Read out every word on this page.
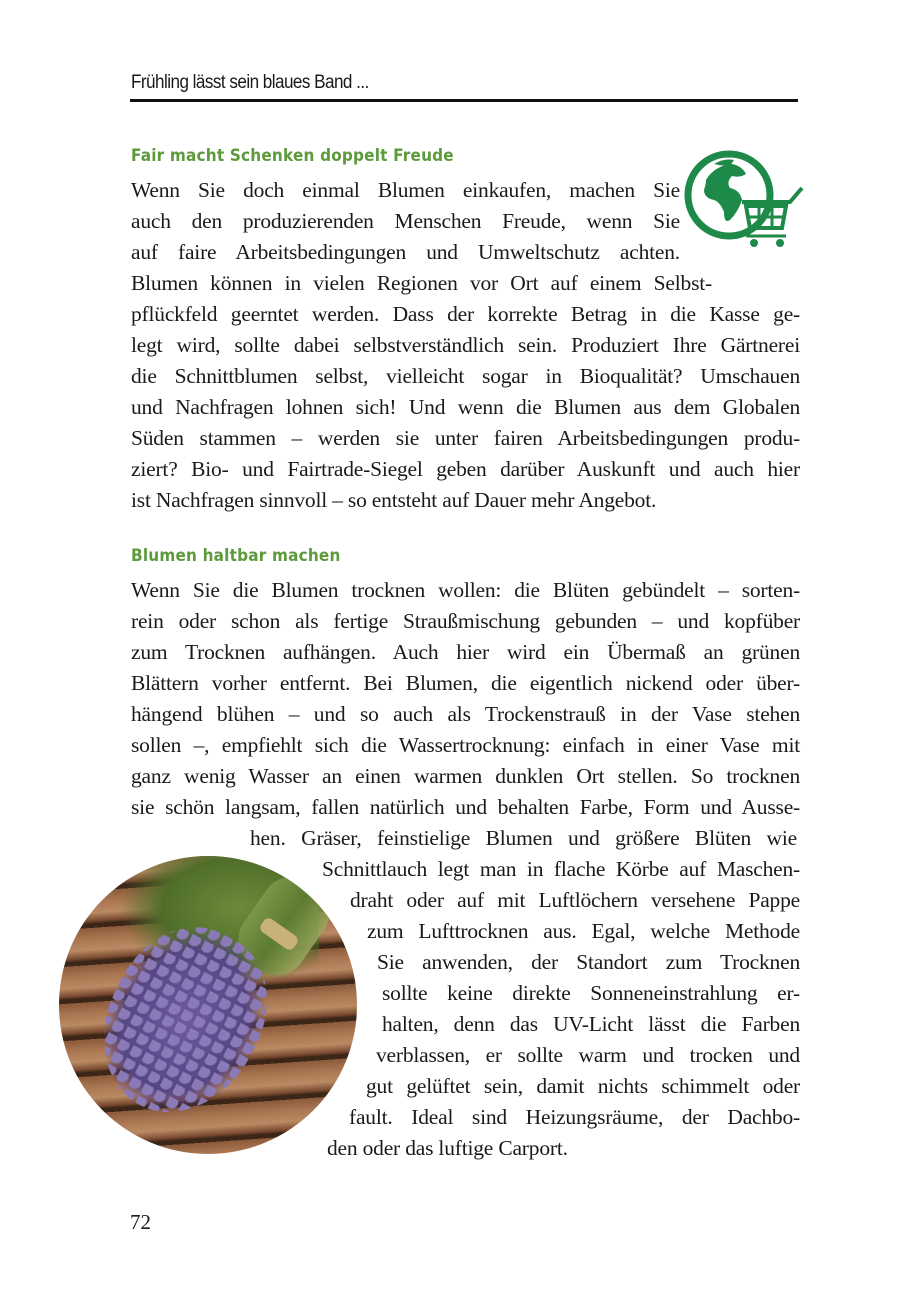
Frühling lässt sein blaues Band ...
Fair macht Schenken doppelt Freude
Wenn Sie doch einmal Blumen einkaufen, machen Sie
auch den produzierenden Menschen Freude, wenn Sie
auf faire Arbeitsbedingungen und Umweltschutz achten.
Blumen können in vielen Regionen vor Ort auf einem Selbst-
pflückfeld geerntet werden. Dass der korrekte Betrag in die Kasse ge-
legt wird, sollte dabei selbstverständlich sein. Produziert Ihre Gärtnerei
die Schnittblumen selbst, vielleicht sogar in Bioqualität? Umschauen
und Nachfragen lohnen sich! Und wenn die Blumen aus dem Globalen
Süden stammen – werden sie unter fairen Arbeitsbedingungen produ-
ziert? Bio- und Fairtrade-Siegel geben darüber Auskunft und auch hier
ist Nachfragen sinnvoll – so entsteht auf Dauer mehr Angebot.
Blumen haltbar machen
Wenn Sie die Blumen trocknen wollen: die Blüten gebündelt – sorten-
rein oder schon als fertige Straußmischung gebunden – und kopfüber
zum Trocknen aufhängen. Auch hier wird ein Übermaß an grünen
Blättern vorher entfernt. Bei Blumen, die eigentlich nickend oder über-
hängend blühen – und so auch als Trockenstrauß in der Vase stehen
sollen –, empfiehlt sich die Wassertrocknung: einfach in einer Vase mit
ganz wenig Wasser an einen warmen dunklen Ort stellen. So trocknen
sie schön langsam, fallen natürlich und behalten Farbe, Form und Ausse-
hen. Gräser, feinstielige Blumen und größere Blüten wie
Schnittlauch legt man in flache Körbe auf Maschen-
draht oder auf mit Luftlöchern versehene Pappe
zum Lufttrocknen aus. Egal, welche Methode
Sie anwenden, der Standort zum Trocknen
sollte keine direkte Sonneneinstrahlung er-
halten, denn das UV-Licht lässt die Farben
verblassen, er sollte warm und trocken und
gut gelüftet sein, damit nichts schimmelt oder
fault. Ideal sind Heizungsräume, der Dachbo-
den oder das luftige Carport.
72
